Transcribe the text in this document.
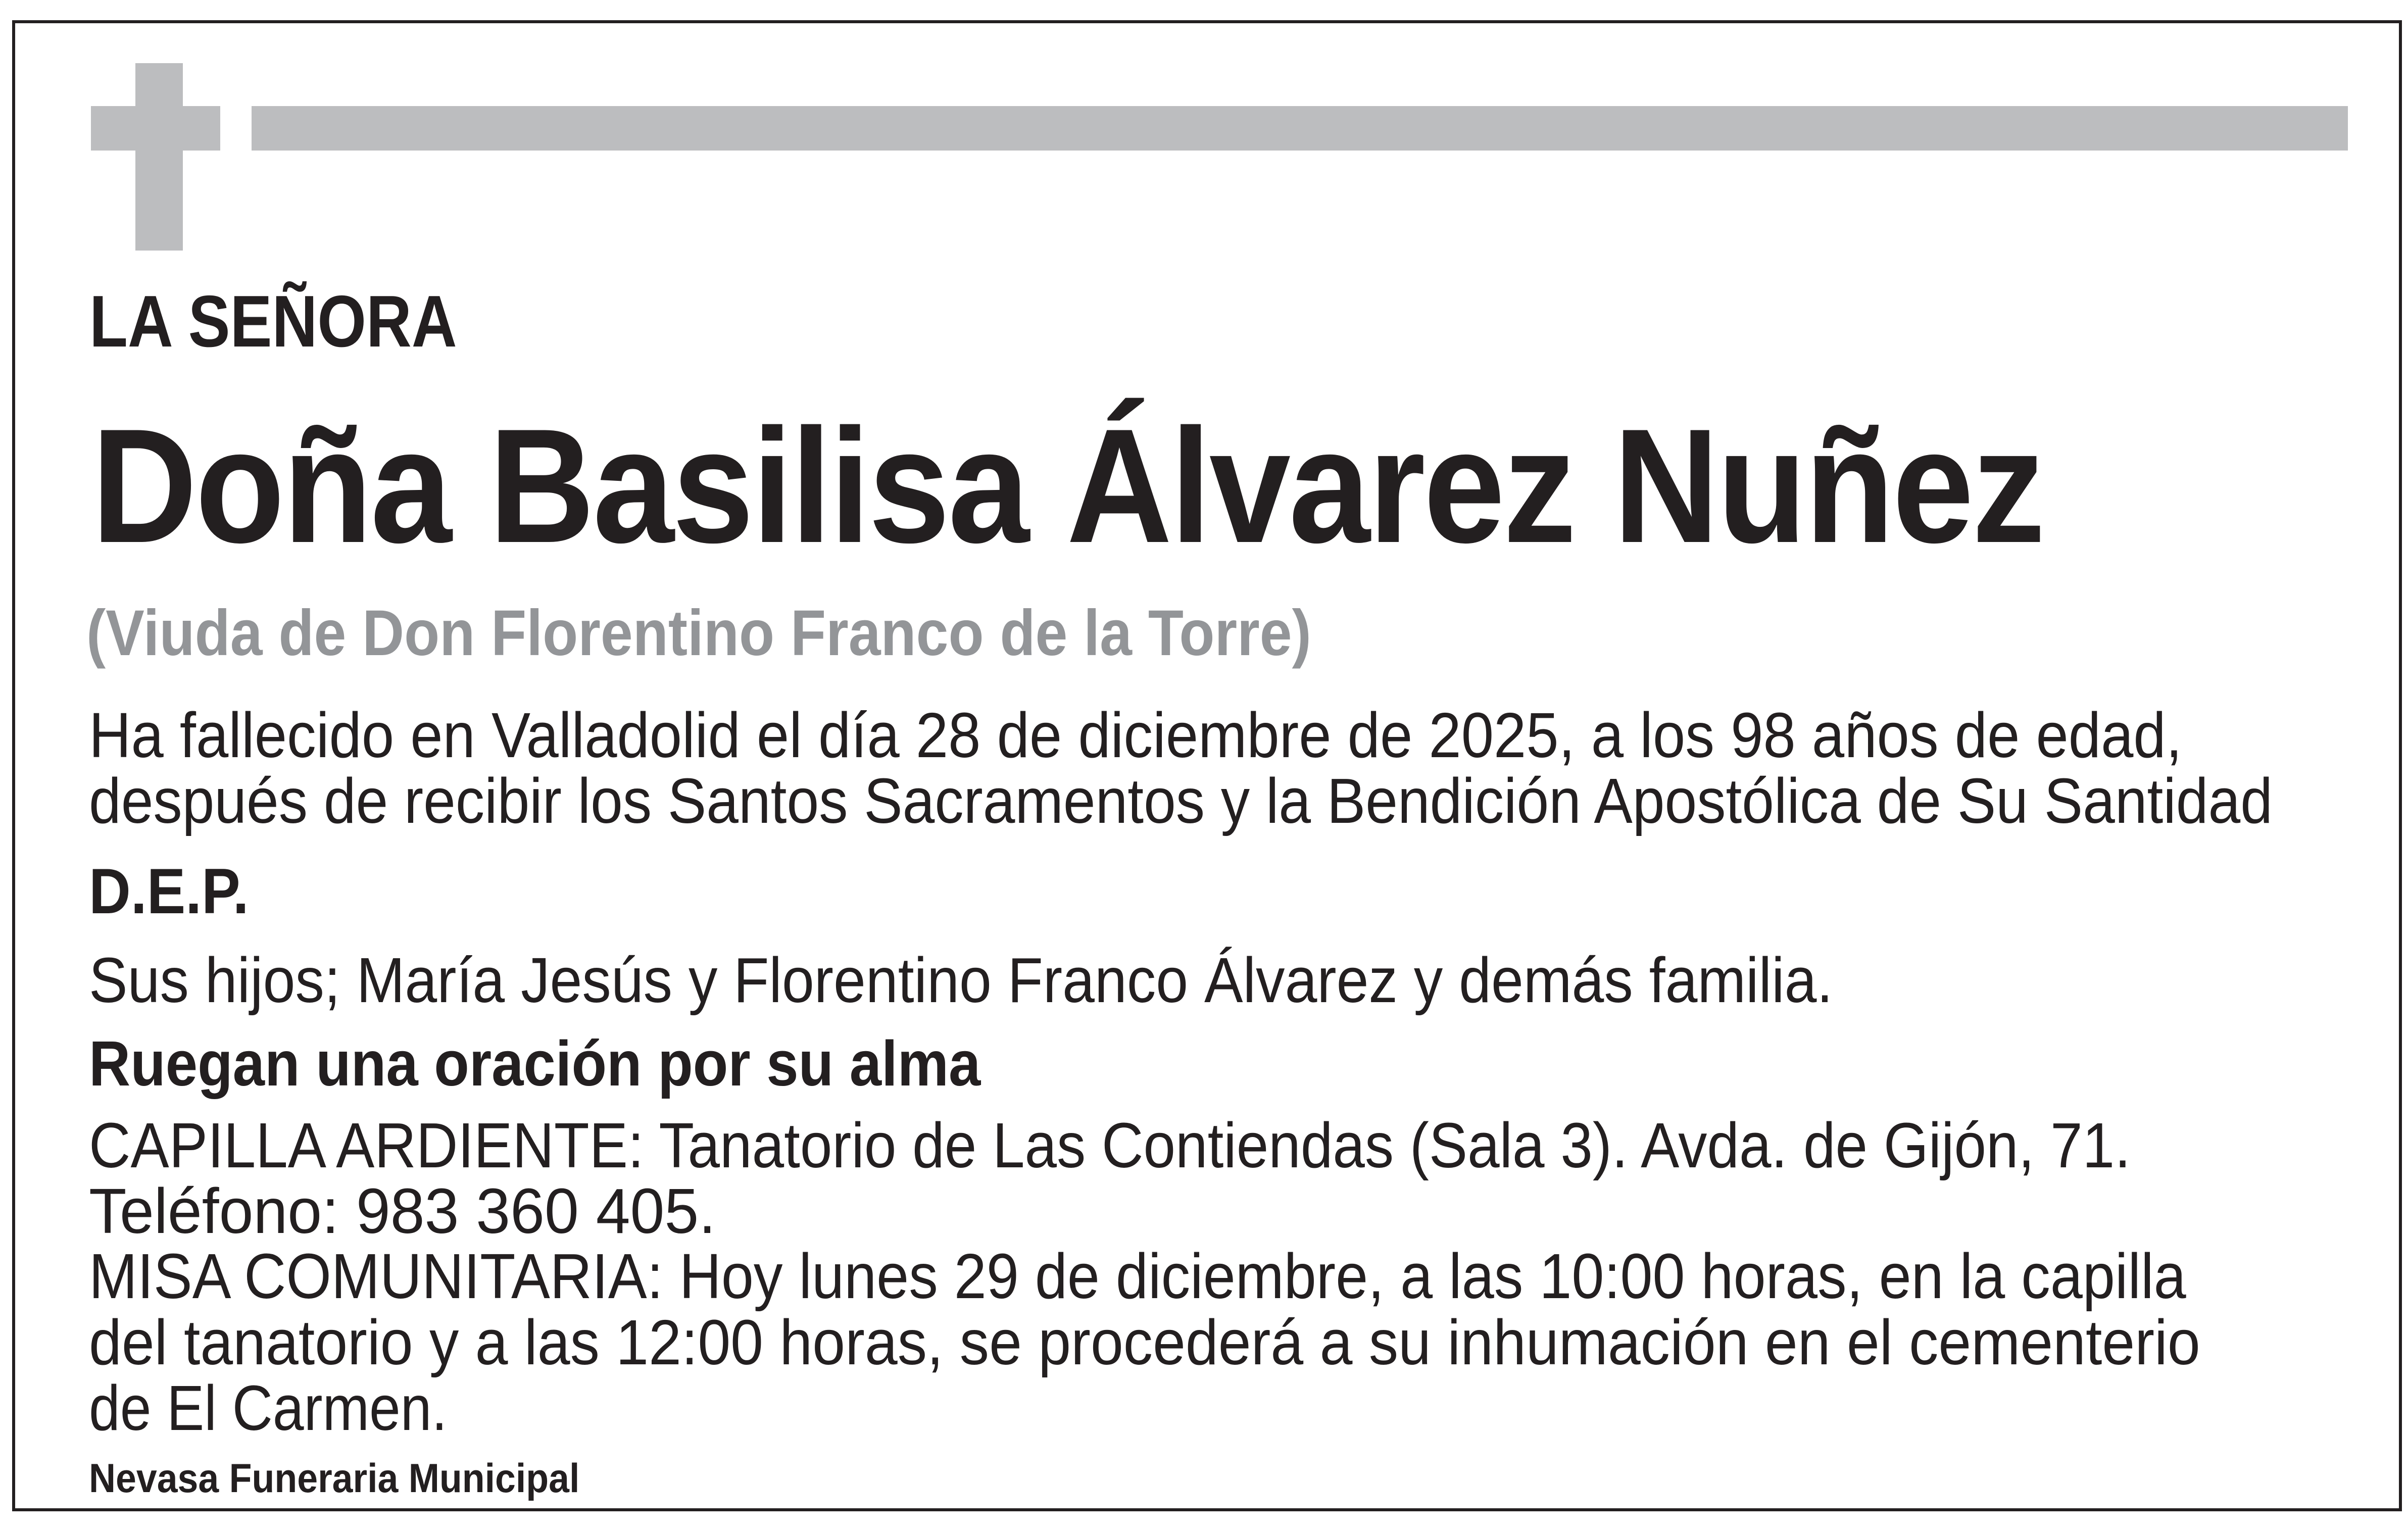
LA SEÑORA
Doña Basilisa Álvarez Nuñez
(Viuda de Don Florentino Franco de la Torre)
Ha fallecido en Valladolid el día 28 de diciembre de 2025, a los 98 años de edad,
después de recibir los Santos Sacramentos y la Bendición Apostólica de Su Santidad
D.E.P.
Sus hijos; María Jesús y Florentino Franco Álvarez y demás familia.
Ruegan una oración por su alma
CAPILLA ARDIENTE: Tanatorio de Las Contiendas (Sala 3). Avda. de Gijón, 71.
Teléfono: 983 360 405.
MISA COMUNITARIA: Hoy lunes 29 de diciembre, a las 10:00 horas, en la capilla
del tanatorio y a las 12:00 horas, se procederá a su inhumación en el cementerio
de El Carmen.
Nevasa Funeraria Municipal
